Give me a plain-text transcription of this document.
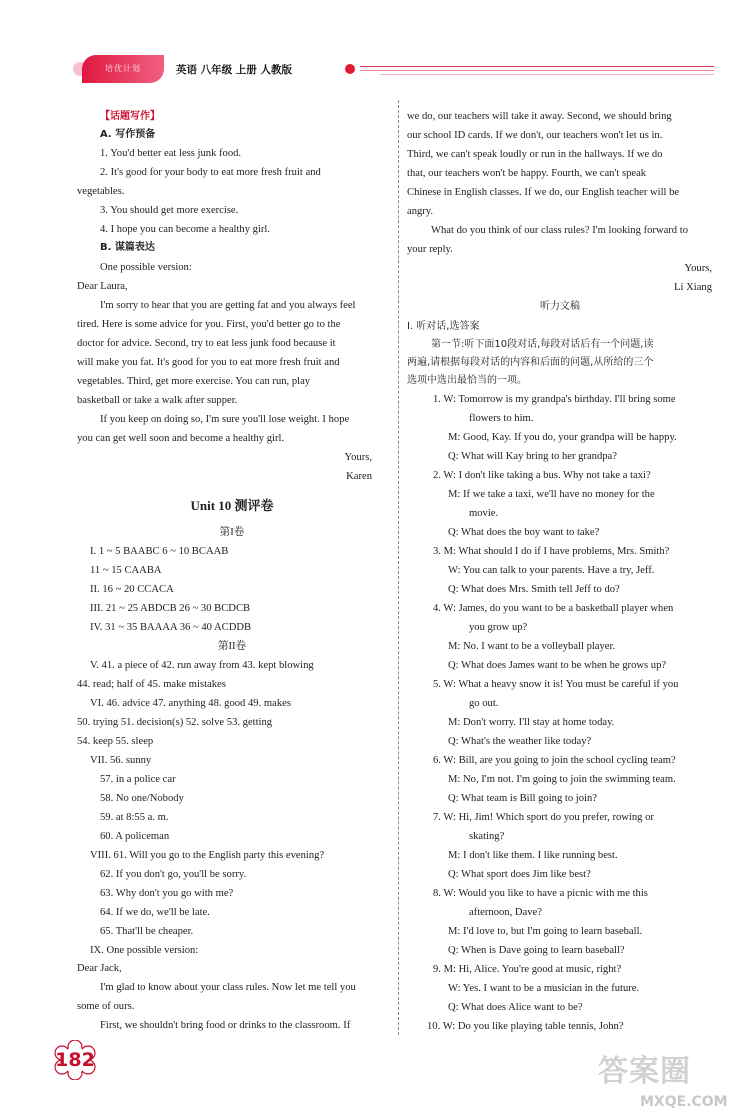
培优计划	英语 八年级 上册 人教版
【话题写作】
A. 写作预备
1. You'd better eat less junk food.
2. It's good for your body to eat more fresh fruit and
vegetables.
3. You should get more exercise.
4. I hope you can become a healthy girl.
B. 谋篇表达
One possible version:
Dear Laura,
I'm sorry to hear that you are getting fat and you always feel
tired. Here is some advice for you. First, you'd better go to the
doctor for advice. Second, try to eat less junk food because it
will make you fat. It's good for you to eat more fresh fruit and
vegetables. Third, get more exercise. You can run, play
basketball or take a walk after supper.
If you keep on doing so, I'm sure you'll lose weight. I hope
you can get well soon and become a healthy girl.
I. 1 ~ 5 BAABC 6 ~ 10 BCAAB
11 ~ 15 CAABA
II. 16 ~ 20 CCACA
III. 21 ~ 25 ABDCB 26 ~ 30 BCDCB
IV. 31 ~ 35 BAAAA 36 ~ 40 ACDDB
V. 41. a piece of 42. run away from 43. kept blowing
44. read; half of 45. make mistakes
VI. 46. advice 47. anything 48. good 49. makes
50. trying 51. decision(s) 52. solve 53. getting
54. keep 55. sleep
VII. 56. sunny
57. in a police car
58. No one/Nobody
59. at 8:55 a. m.
60. A policeman
VIII. 61. Will you go to the English party this evening?
62. If you don't go, you'll be sorry.
63. Why don't you go with me?
64. If we do, we'll be late.
65. That'll be cheaper.
IX. One possible version:
Dear Jack,
I'm glad to know about your class rules. Now let me tell you
some of ours.
First, we shouldn't bring food or drinks to the classroom. If
Yours,
Karen
Unit 10 测评卷
第I卷
第II卷
we do, our teachers will take it away. Second, we should bring
our school ID cards. If we don't, our teachers won't let us in.
Third, we can't speak loudly or run in the hallways. If we do
that, our teachers won't be happy. Fourth, we can't speak
Chinese in English classes. If we do, our English teacher will be
angry.
What do you think of our class rules? I'm looking forward to
your reply.
I. 听对话,选答案
第一节:听下面10段对话,每段对话后有一个问题,读
两遍,请根据每段对话的内容和后面的问题,从所给的三个
选项中选出最恰当的一项。
1. W: Tomorrow is my grandpa's birthday. I'll bring some
flowers to him.
M: Good, Kay. If you do, your grandpa will be happy.
Q: What will Kay bring to her grandpa?
2. W: I don't like taking a bus. Why not take a taxi?
M: If we take a taxi, we'll have no money for the
movie.
Q: What does the boy want to take?
3. M: What should I do if I have problems, Mrs. Smith?
W: You can talk to your parents. Have a try, Jeff.
Q: What does Mrs. Smith tell Jeff to do?
4. W: James, do you want to be a basketball player when
you grow up?
M: No. I want to be a volleyball player.
Q: What does James want to be when he grows up?
5. W: What a heavy snow it is! You must be careful if you
go out.
M: Don't worry. I'll stay at home today.
Q: What's the weather like today?
6. W: Bill, are you going to join the school cycling team?
M: No, I'm not. I'm going to join the swimming team.
Q: What team is Bill going to join?
7. W: Hi, Jim! Which sport do you prefer, rowing or
skating?
M: I don't like them. I like running best.
Q: What sport does Jim like best?
8. W: Would you like to have a picnic with me this
afternoon, Dave?
M: I'd love to, but I'm going to learn baseball.
Q: When is Dave going to learn baseball?
9. M: Hi, Alice. You're good at music, right?
W: Yes. I want to be a musician in the future.
Q: What does Alice want to be?
10. W: Do you like playing table tennis, John?
Yours,
Li Xiang
听力文稿
182	答案圈
MXQE.COM
